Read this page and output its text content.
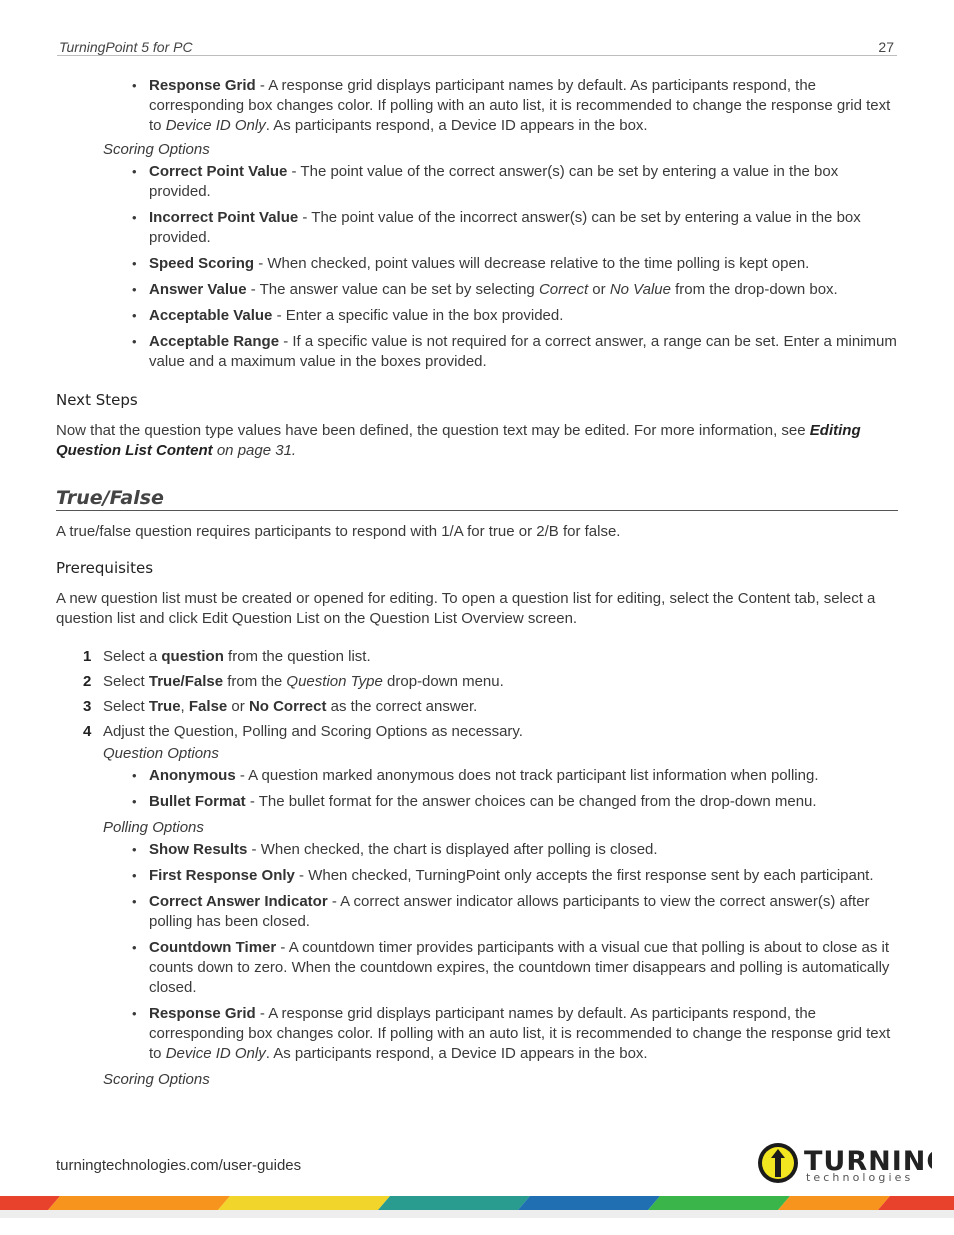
TurningPoint 5 for PC	27
• Response Grid - A response grid displays participant names by default. As participants respond, the corresponding box changes color. If polling with an auto list, it is recommended to change the response grid text to Device ID Only. As participants respond, a Device ID appears in the box.
Scoring Options
• Correct Point Value - The point value of the correct answer(s) can be set by entering a value in the box provided.
• Incorrect Point Value - The point value of the incorrect answer(s) can be set by entering a value in the box provided.
• Speed Scoring - When checked, point values will decrease relative to the time polling is kept open.
• Answer Value - The answer value can be set by selecting Correct or No Value from the drop-down box.
• Acceptable Value - Enter a specific value in the box provided.
• Acceptable Range - If a specific value is not required for a correct answer, a range can be set. Enter a minimum value and a maximum value in the boxes provided.
Next Steps

Now that the question type values have been defined, the question text may be edited. For more information, see Editing Question List Content on page 31.

True/False

A true/false question requires participants to respond with 1/A for true or 2/B for false.

Prerequisites

A new question list must be created or opened for editing. To open a question list for editing, select the Content tab, select a question list and click Edit Question List on the Question List Overview screen.

1 Select a question from the question list.
2 Select True/False from the Question Type drop-down menu.
3 Select True, False or No Correct as the correct answer.
4 Adjust the Question, Polling and Scoring Options as necessary.
Question Options
• Anonymous - A question marked anonymous does not track participant list information when polling.
• Bullet Format - The bullet format for the answer choices can be changed from the drop-down menu.
Polling Options
• Show Results - When checked, the chart is displayed after polling is closed.
• First Response Only - When checked, TurningPoint only accepts the first response sent by each participant.
• Correct Answer Indicator - A correct answer indicator allows participants to view the correct answer(s) after polling has been closed.
• Countdown Timer - A countdown timer provides participants with a visual cue that polling is about to close as it counts down to zero. When the countdown expires, the countdown timer disappears and polling is automatically closed.
• Response Grid - A response grid displays participant names by default. As participants respond, the corresponding box changes color. If polling with an auto list, it is recommended to change the response grid text to Device ID Only. As participants respond, a Device ID appears in the box.
Scoring Options
turningtechnologies.com/user-guides	TURNIN
technologies
